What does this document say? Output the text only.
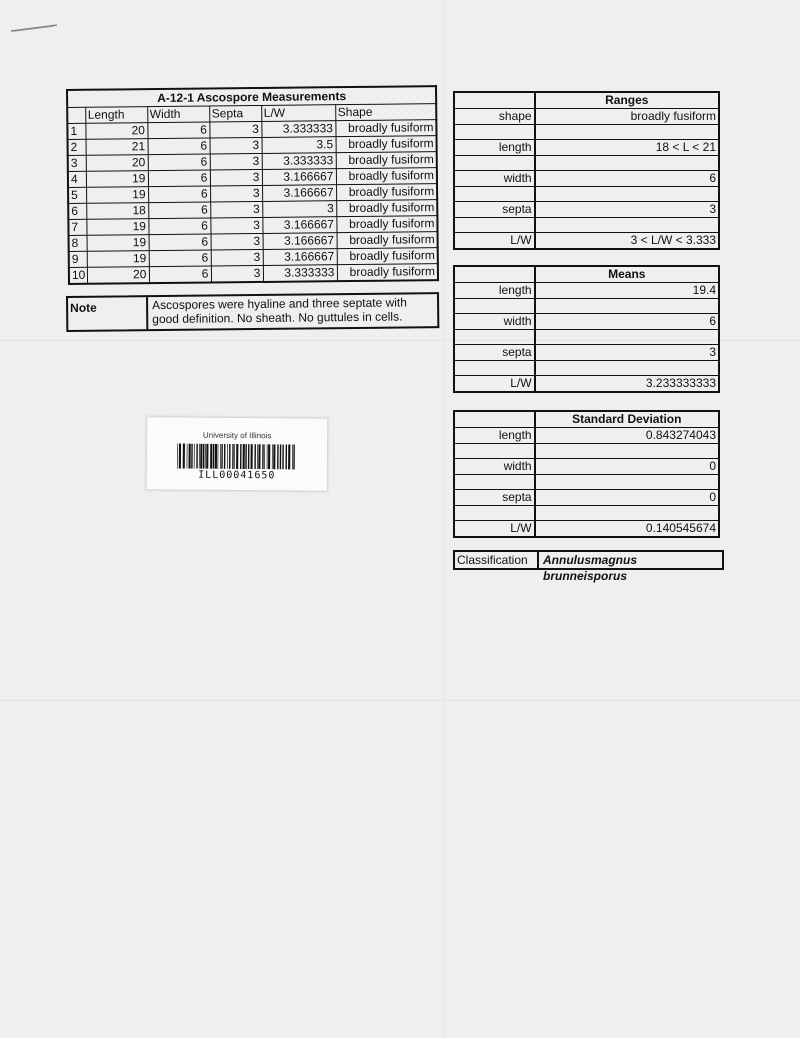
A-12-1 Ascospore Measurements					
	Length	Width	Septa	L/W	Shape
1	20	6	3	3.333333	broadly fusiform
2	21	6	3	3.5	broadly fusiform
3	20	6	3	3.333333	broadly fusiform
4	19	6	3	3.166667	broadly fusiform
5	19	6	3	3.166667	broadly fusiform
6	18	6	3	3	broadly fusiform
7	19	6	3	3.166667	broadly fusiform
8	19	6	3	3.166667	broadly fusiform
9	19	6	3	3.166667	broadly fusiform
10	20	6	3	3.333333	broadly fusiform
Note	Ascospores were hyaline and three septate with good definition. No sheath. No guttules in cells.
	Ranges
shape	broadly fusiform

length	18 < L < 21

width	6

septa	3

L/W	3 < L/W < 3.333
	Means
length	19.4

width	6

septa	3

L/W	3.233333333
	Standard Deviation
length	0.843274043

width	0

septa	0

L/W	0.140545674
Classification	Annulusmagnus brunneisporus
University of Illinois
ILL00041650
